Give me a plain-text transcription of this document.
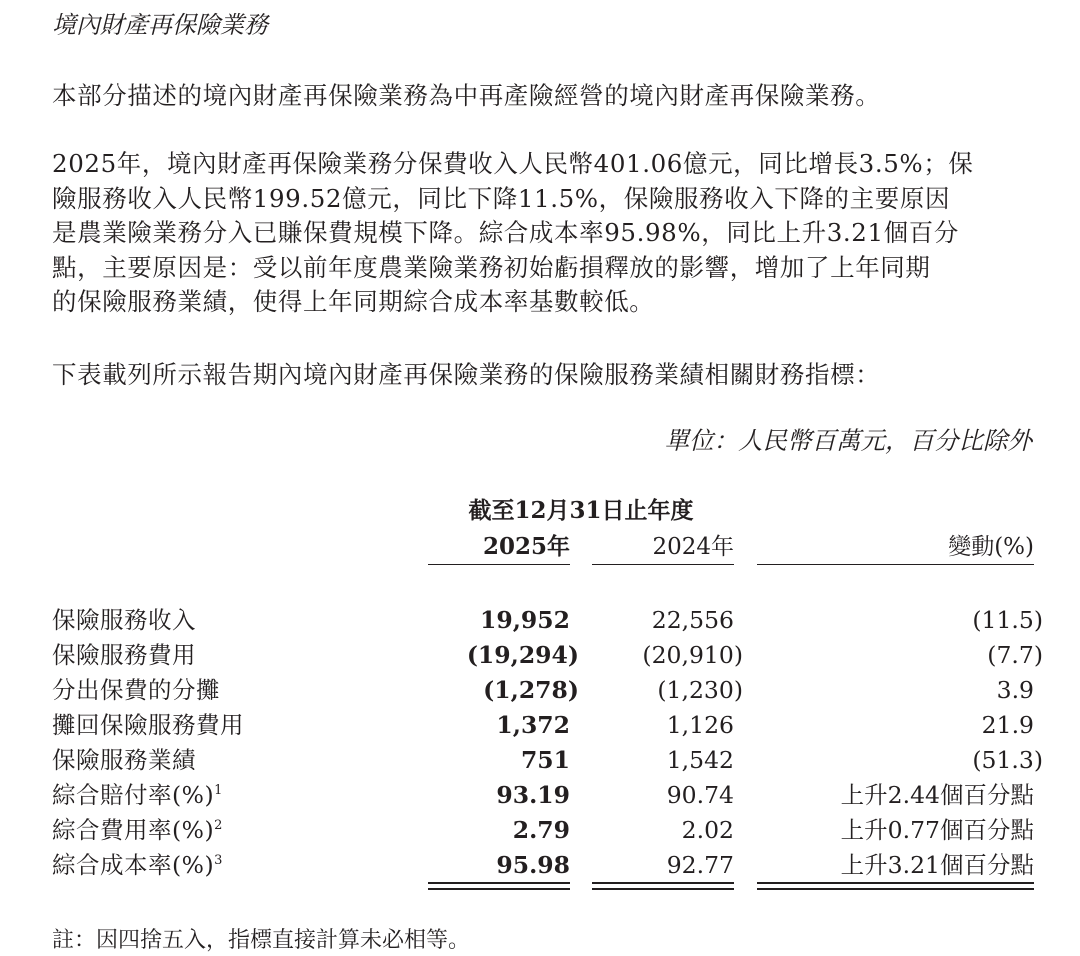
境內財產再保險業務
本部分描述的境內財產再保險業務為中再產險經營的境內財產再保險業務。
2025年，境內財產再保險業務分保費收入人民幣401.06億元，同比增長3.5%；保
險服務收入人民幣199.52億元，同比下降11.5%，保險服務收入下降的主要原因
是農業險業務分入已賺保費規模下降。綜合成本率95.98%，同比上升3.21個百分
點，主要原因是：受以前年度農業險業務初始虧損釋放的影響，增加了上年同期
的保險服務業績，使得上年同期綜合成本率基數較低。
下表載列所示報告期內境內財產再保險業務的保險服務業績相關財務指標：
單位：人民幣百萬元，百分比除外
截至12月31日止年度
2025年	2024年	變動(%)
保險服務收入	19,952	22,556	(11.5)
保險服務費用	(19,294)	(20,910)	(7.7)
分出保費的分攤	(1,278)	(1,230)	3.9
攤回保險服務費用	1,372	1,126	21.9
保險服務業績	751	1,542	(51.3)
綜合賠付率(%)$^1$	93.19	90.74	上升2.44個百分點
綜合費用率(%)$^2$	2.79	2.02	上升0.77個百分點
綜合成本率(%)$^3$	95.98	92.77	上升3.21個百分點
註：因四捨五入，指標直接計算未必相等。
